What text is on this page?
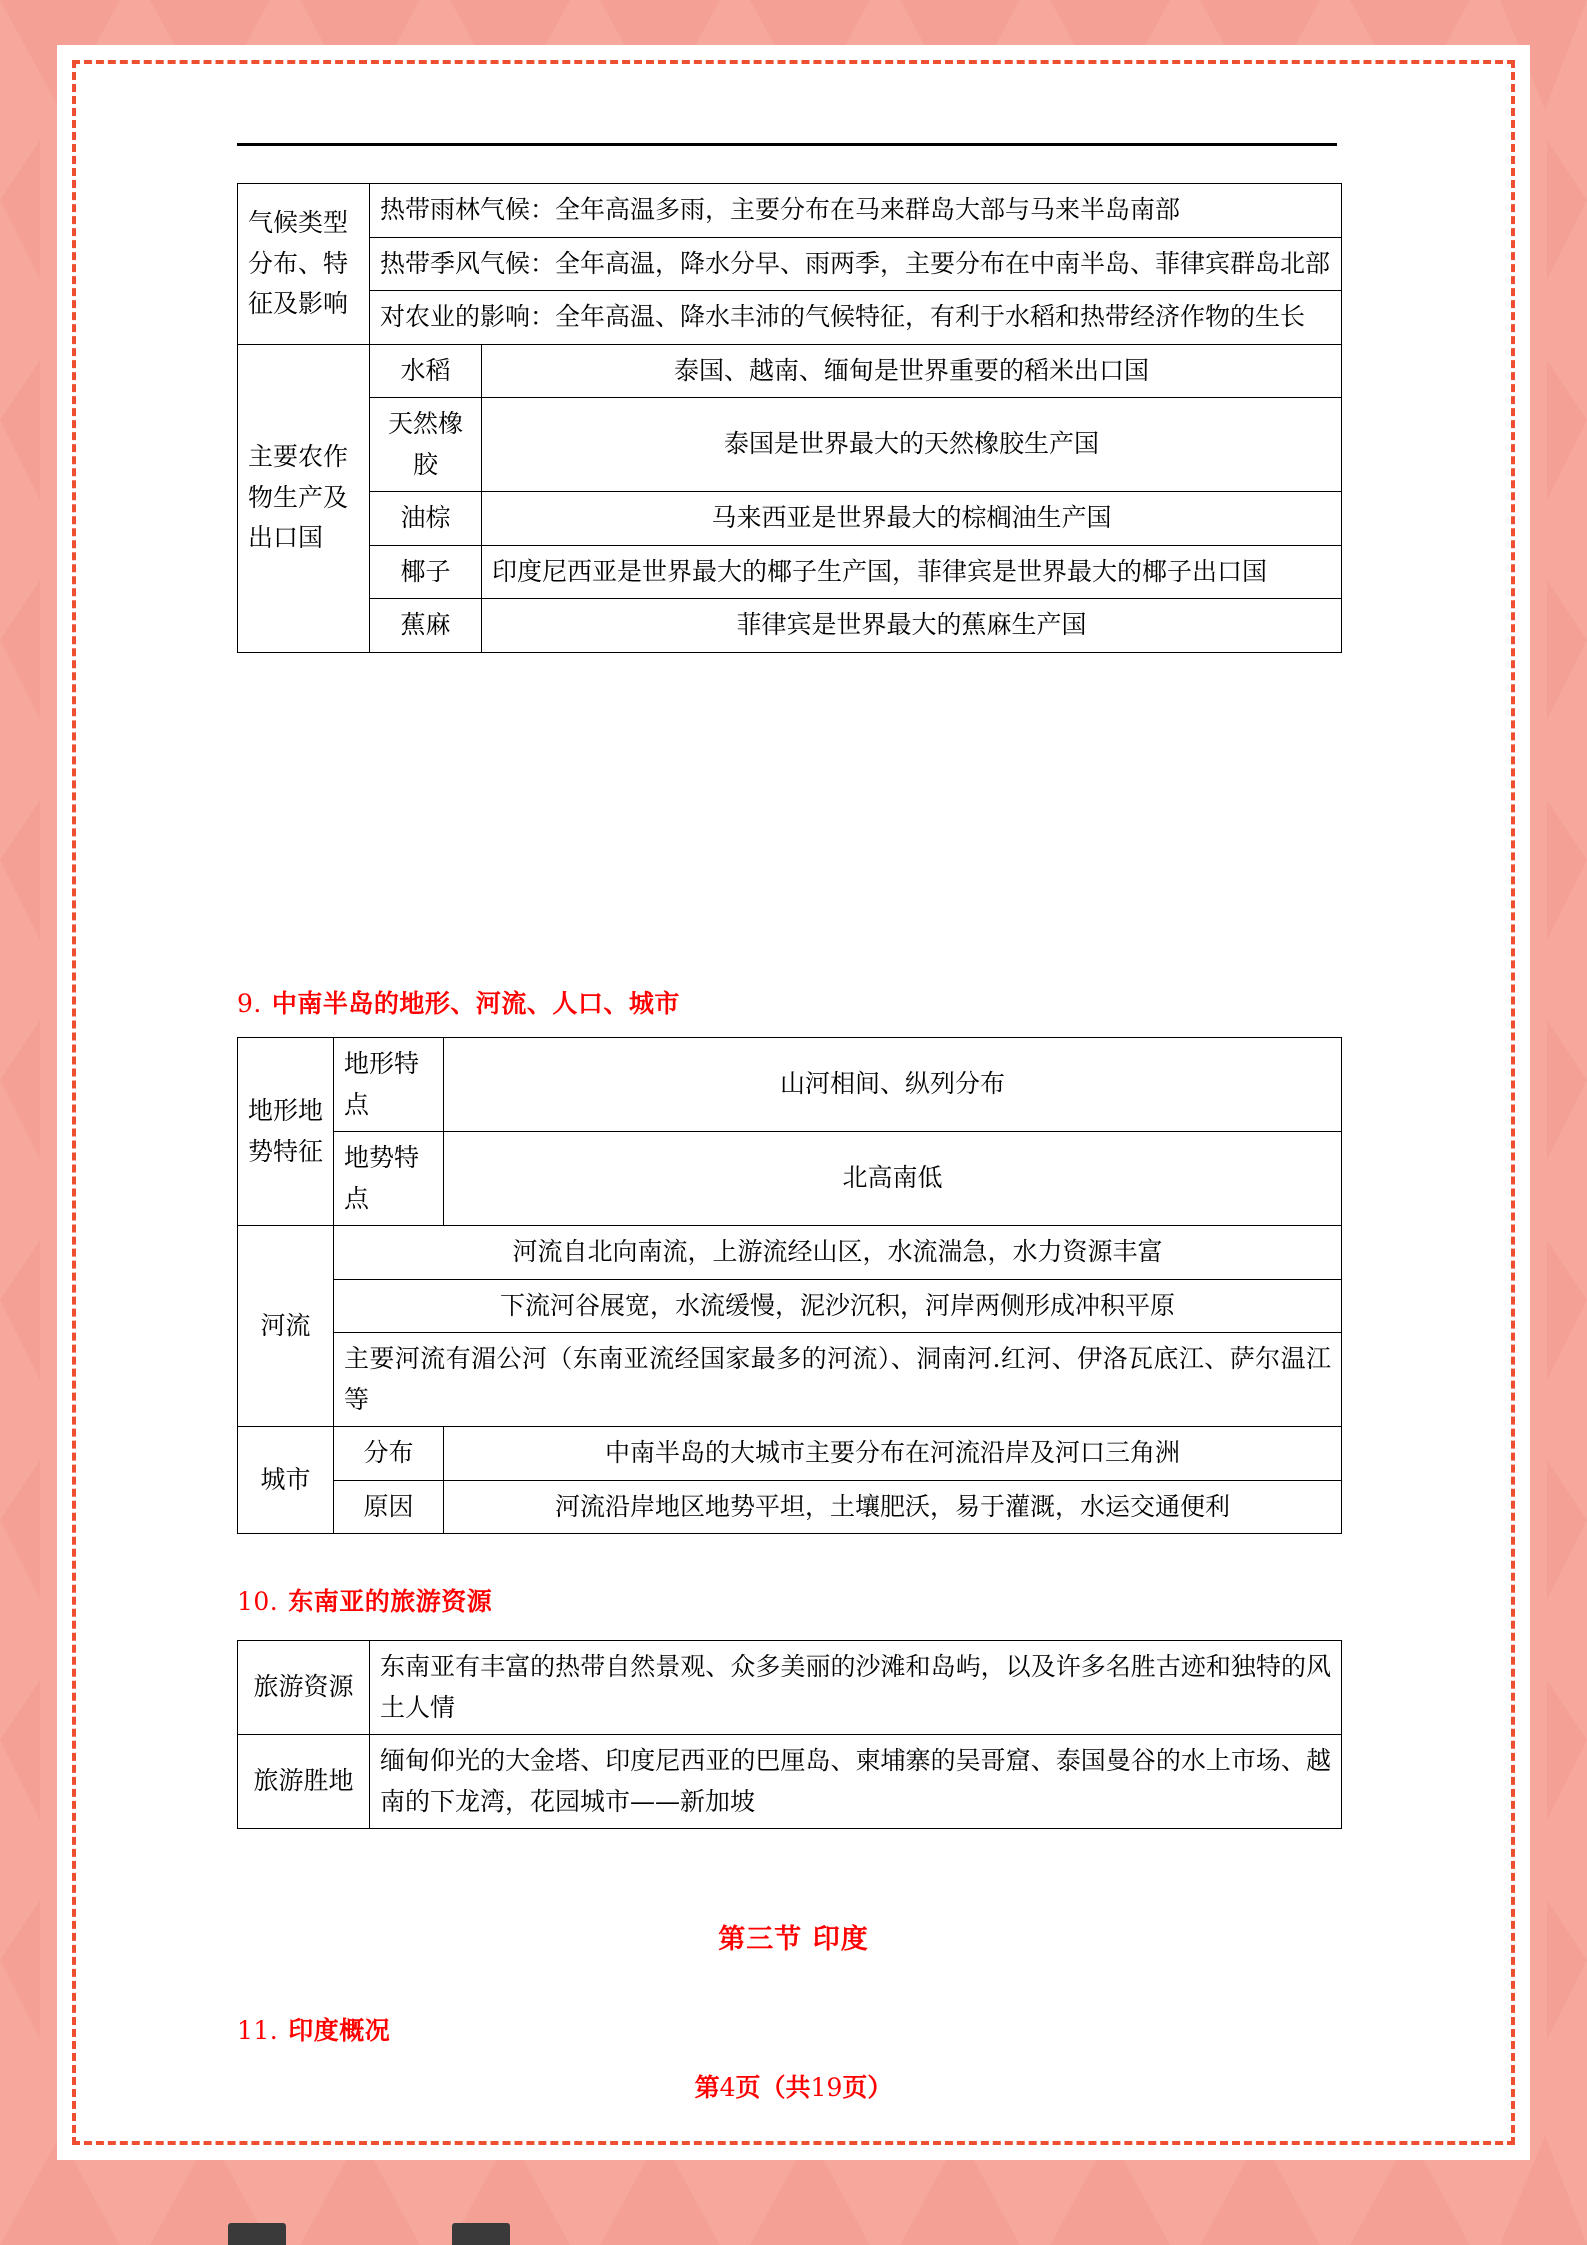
气候类型分布、特征及影响	热带雨林气候：全年高温多雨，主要分布在马来群岛大部与马来半岛南部	
	热带季风气候：全年高温，降水分早、雨两季，主要分布在中南半岛、菲律宾群岛北部	
	对农业的影响：全年高温、降水丰沛的气候特征，有利于水稻和热带经济作物的生长	
主要农作物生产及出口国	水稻	泰国、越南、缅甸是世界重要的稻米出口国
	天然橡胶	泰国是世界最大的天然橡胶生产国
	油棕	马来西亚是世界最大的棕榈油生产国
	椰子	印度尼西亚是世界最大的椰子生产国，菲律宾是世界最大的椰子出口国
	蕉麻	菲律宾是世界最大的蕉麻生产国
9. 中南半岛的地形、河流、人口、城市
地形地势特征	地形特点	山河相间、纵列分布
	地势特点	北高南低
河流	河流自北向南流，上游流经山区，水流湍急，水力资源丰富	
	下流河谷展宽，水流缓慢，泥沙沉积，河岸两侧形成冲积平原	
	主要河流有湄公河（东南亚流经国家最多的河流）、洞南河.红河、伊洛瓦底江、萨尔温江等	
城市	分布	中南半岛的大城市主要分布在河流沿岸及河口三角洲
	原因	河流沿岸地区地势平坦，土壤肥沃，易于灌溉，水运交通便利
10. 东南亚的旅游资源
旅游资源	东南亚有丰富的热带自然景观、众多美丽的沙滩和岛屿，以及许多名胜古迹和独特的风土人情
旅游胜地	缅甸仰光的大金塔、印度尼西亚的巴厘岛、柬埔寨的吴哥窟、泰国曼谷的水上市场、越南的下龙湾，花园城市——新加坡
第三节 印度
11. 印度概况
第4页（共19页）
